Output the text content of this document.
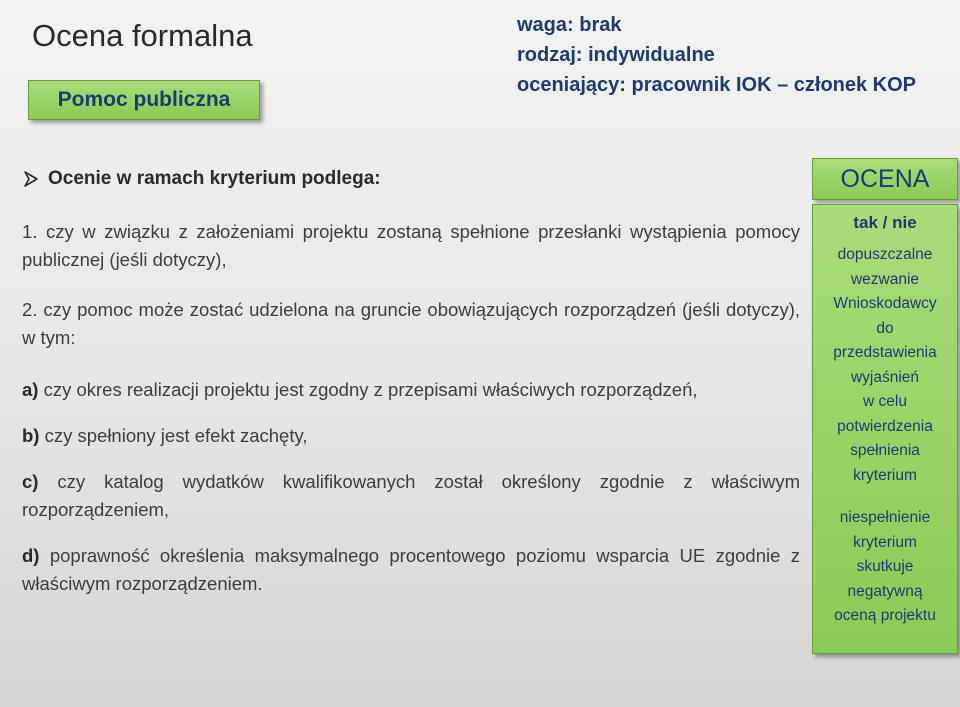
Ocena formalna
Pomoc publiczna
waga: brak
rodzaj: indywidualne
oceniający: pracownik IOK – członek KOP
Ocenie w ramach kryterium podlega:

1. czy w związku z założeniami projektu zostaną spełnione przesłanki wystąpienia pomocy publicznej (jeśli dotyczy),

2. czy pomoc może zostać udzielona na gruncie obowiązujących rozporządzeń (jeśli dotyczy), w tym:

a) czy okres realizacji projektu jest zgodny z przepisami właściwych rozporządzeń,

b) czy spełniony jest efekt zachęty,

c) czy katalog wydatków kwalifikowanych został określony zgodnie z właściwym rozporządzeniem,

d) poprawność określenia maksymalnego procentowego poziomu wsparcia UE zgodnie z właściwym rozporządzeniem.

OCENA
tak / nie
dopuszczalne
wezwanie
Wnioskodawcy
do
przedstawienia
wyjaśnień
w celu
potwierdzenia
spełnienia
kryterium
niespełnienie
kryterium
skutkuje
negatywną
oceną projektu
